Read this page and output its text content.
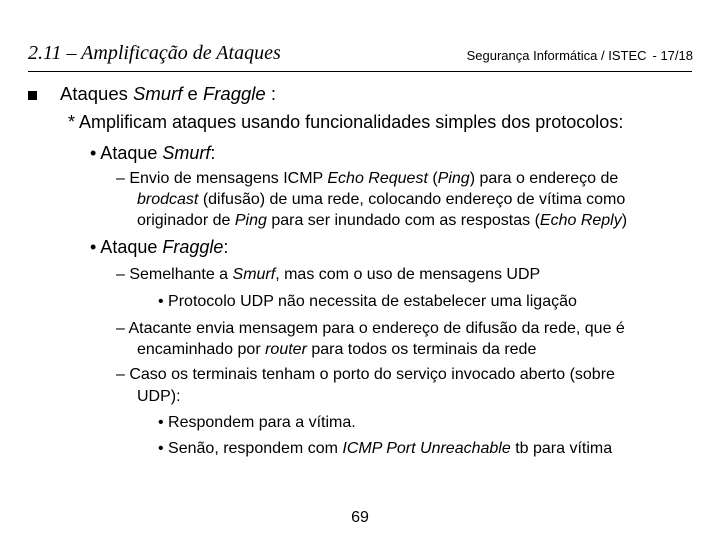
2.11 – Amplificação de Ataques	Segurança Informática / ISTEC - 17/18
Ataques Smurf e Fraggle :
* Amplificam ataques usando funcionalidades simples dos protocolos:
• Ataque Smurf:
– Envio de mensagens ICMP Echo Request (Ping) para o endereço de
brodcast (difusão) de uma rede, colocando endereço de vítima como
originador de Ping para ser inundado com as respostas (Echo Reply)
• Ataque Fraggle:
– Semelhante a Smurf, mas com o uso de mensagens UDP
• Protocolo UDP não necessita de estabelecer uma ligação
– Atacante envia mensagem para o endereço de difusão da rede, que é
encaminhado por router para todos os terminais da rede
– Caso os terminais tenham o porto do serviço invocado aberto (sobre
UDP):
• Respondem para a vítima.
• Senão, respondem com ICMP Port Unreachable tb para vítima
69
